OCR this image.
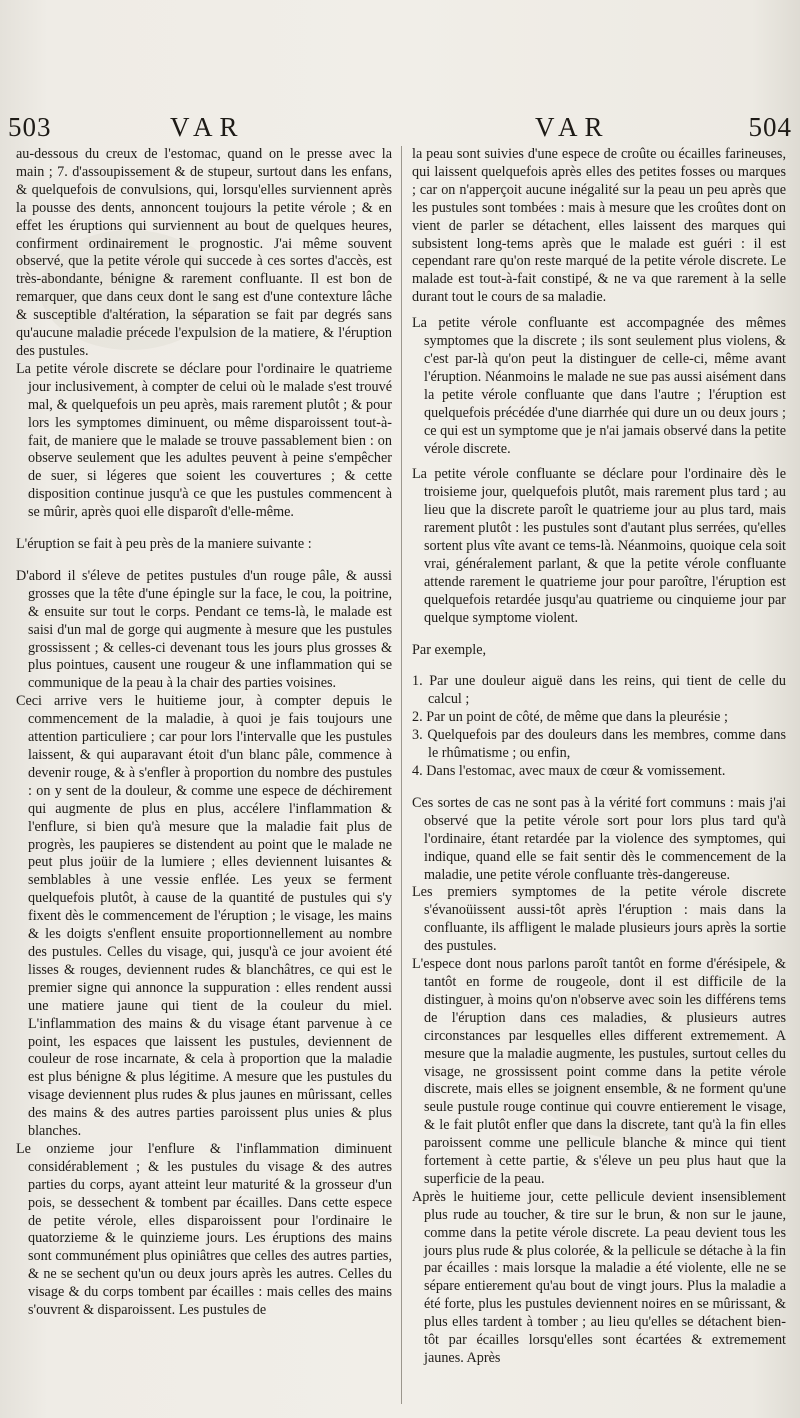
503	VAR	VAR	504

au-dessous du creux de l'estomac, quand on le presse avec la main ; 7. d'assoupissement & de stupeur, surtout dans les enfans, & quelquefois de convulsions, qui, lorsqu'elles surviennent après la pousse des dents, annoncent toujours la petite vérole ; & en effet les éruptions qui surviennent au bout de quelques heures, confirment ordinairement le prognostic. J'ai même souvent observé, que la petite vérole qui succede à ces sortes d'accès, est très-abondante, bénigne & rarement confluante. Il est bon de remarquer, que dans ceux dont le sang est d'une contexture lâche & susceptible d'altération, la séparation se fait par degrés sans qu'aucune maladie précede l'expulsion de la matiere, & l'éruption des pustules.

La petite vérole discrete se déclare pour l'ordinaire le quatrieme jour inclusivement, à compter de celui où le malade s'est trouvé mal, & quelquefois un peu après, mais rarement plutôt ; & pour lors les symptomes diminuent, ou même disparoissent tout-à-fait, de maniere que le malade se trouve passablement bien : on observe seulement que les adultes peuvent à peine s'empêcher de suer, si légeres que soient les couvertures ; & cette disposition continue jusqu'à ce que les pustules commencent à se mûrir, après quoi elle disparoît d'elle-même.

L'éruption se fait à peu près de la maniere suivante :

D'abord il s'éleve de petites pustules d'un rouge pâle, & aussi grosses que la tête d'une épingle sur la face, le cou, la poitrine, & ensuite sur tout le corps. Pendant ce tems-là, le malade est saisi d'un mal de gorge qui augmente à mesure que les pustules grossissent ; & celles-ci devenant tous les jours plus grosses & plus pointues, causent une rougeur & une inflammation qui se communique de la peau à la chair des parties voisines.

Ceci arrive vers le huitieme jour, à compter depuis le commencement de la maladie, à quoi je fais toujours une attention particuliere ; car pour lors l'intervalle que les pustules laissent, & qui auparavant étoit d'un blanc pâle, commence à devenir rouge, & à s'enfler à proportion du nombre des pustules : on y sent de la douleur, & comme une espece de déchirement qui augmente de plus en plus, accélere l'inflammation & l'enflure, si bien qu'à mesure que la maladie fait plus de progrès, les paupieres se distendent au point que le malade ne peut plus joüir de la lumiere ; elles deviennent luisantes & semblables à une vessie enflée. Les yeux se ferment quelquefois plutôt, à cause de la quantité de pustules qui s'y fixent dès le commencement de l'éruption ; le visage, les mains & les doigts s'enflent ensuite proportionnellement au nombre des pustules. Celles du visage, qui, jusqu'à ce jour avoient été lisses & rouges, deviennent rudes & blanchâtres, ce qui est le premier signe qui annonce la suppuration : elles rendent aussi une matiere jaune qui tient de la couleur du miel. L'inflammation des mains & du visage étant parvenue à ce point, les espaces que laissent les pustules, deviennent de couleur de rose incarnate, & cela à proportion que la maladie est plus bénigne & plus légitime. A mesure que les pustules du visage deviennent plus rudes & plus jaunes en mûrissant, celles des mains & des autres parties paroissent plus unies & plus blanches.

Le onzieme jour l'enflure & l'inflammation diminuent considérablement ; & les pustules du visage & des autres parties du corps, ayant atteint leur maturité & la grosseur d'un pois, se dessechent & tombent par écailles. Dans cette espece de petite vérole, elles disparoissent pour l'ordinaire le quatorzieme & le quinzieme jours. Les éruptions des mains sont communément plus opiniâtres que celles des autres parties, & ne se sechent qu'un ou deux jours après les autres. Celles du visage & du corps tombent par écailles : mais celles des mains s'ouvrent & disparoissent. Les pustules de

la peau sont suivies d'une espece de croûte ou écailles farineuses, qui laissent quelquefois après elles des petites fosses ou marques ; car on n'apperçoit aucune inégalité sur la peau un peu après que les pustules sont tombées : mais à mesure que les croûtes dont on vient de parler se détachent, elles laissent des marques qui subsistent long-tems après que le malade est guéri : il est cependant rare qu'on reste marqué de la petite vérole discrete. Le malade est tout-à-fait constipé, & ne va que rarement à la selle durant tout le cours de sa maladie.

La petite vérole confluante est accompagnée des mêmes symptomes que la discrete ; ils sont seulement plus violens, & c'est par-là qu'on peut la distinguer de celle-ci, même avant l'éruption. Néanmoins le malade ne sue pas aussi aisément dans la petite vérole confluante que dans l'autre ; l'éruption est quelquefois précédée d'une diarrhée qui dure un ou deux jours ; ce qui est un symptome que je n'ai jamais observé dans la petite vérole discrete.

La petite vérole confluante se déclare pour l'ordinaire dès le troisieme jour, quelquefois plutôt, mais rarement plus tard ; au lieu que la discrete paroît le quatrieme jour au plus tard, mais rarement plutôt : les pustules sont d'autant plus serrées, qu'elles sortent plus vîte avant ce tems-là. Néanmoins, quoique cela soit vrai, généralement parlant, & que la petite vérole confluante attende rarement le quatrieme jour pour paroître, l'éruption est quelquefois retardée jusqu'au quatrieme ou cinquieme jour par quelque symptome violent.

Par exemple,

1. Par une douleur aiguë dans les reins, qui tient de celle du calcul ;

2. Par un point de côté, de même que dans la pleurésie ;

3. Quelquefois par des douleurs dans les membres, comme dans le rhûmatisme ; ou enfin,

4. Dans l'estomac, avec maux de cœur & vomissement.

Ces sortes de cas ne sont pas à la vérité fort communs : mais j'ai observé que la petite vérole sort pour lors plus tard qu'à l'ordinaire, étant retardée par la violence des symptomes, qui indique, quand elle se fait sentir dès le commencement de la maladie, une petite vérole confluante très-dangereuse.

Les premiers symptomes de la petite vérole discrete s'évanoüissent aussi-tôt après l'éruption : mais dans la confluante, ils affligent le malade plusieurs jours après la sortie des pustules.

L'espece dont nous parlons paroît tantôt en forme d'érésipele, & tantôt en forme de rougeole, dont il est difficile de la distinguer, à moins qu'on n'observe avec soin les différens tems de l'éruption dans ces maladies, & plusieurs autres circonstances par lesquelles elles different extremement. A mesure que la maladie augmente, les pustules, surtout celles du visage, ne grossissent point comme dans la petite vérole discrete, mais elles se joignent ensemble, & ne forment qu'une seule pustule rouge continue qui couvre entierement le visage, & le fait plutôt enfler que dans la discrete, tant qu'à la fin elles paroissent comme une pellicule blanche & mince qui tient fortement à cette partie, & s'éleve un peu plus haut que la superficie de la peau.

Après le huitieme jour, cette pellicule devient insensiblement plus rude au toucher, & tire sur le brun, & non sur le jaune, comme dans la petite vérole discrete. La peau devient tous les jours plus rude & plus colorée, & la pellicule se détache à la fin par écailles : mais lorsque la maladie a été violente, elle ne se sépare entierement qu'au bout de vingt jours. Plus la maladie a été forte, plus les pustules deviennent noires en se mûrissant, & plus elles tardent à tomber ; au lieu qu'elles se détachent bien-tôt par écailles lorsqu'elles sont écartées & extremement jaunes. Après
